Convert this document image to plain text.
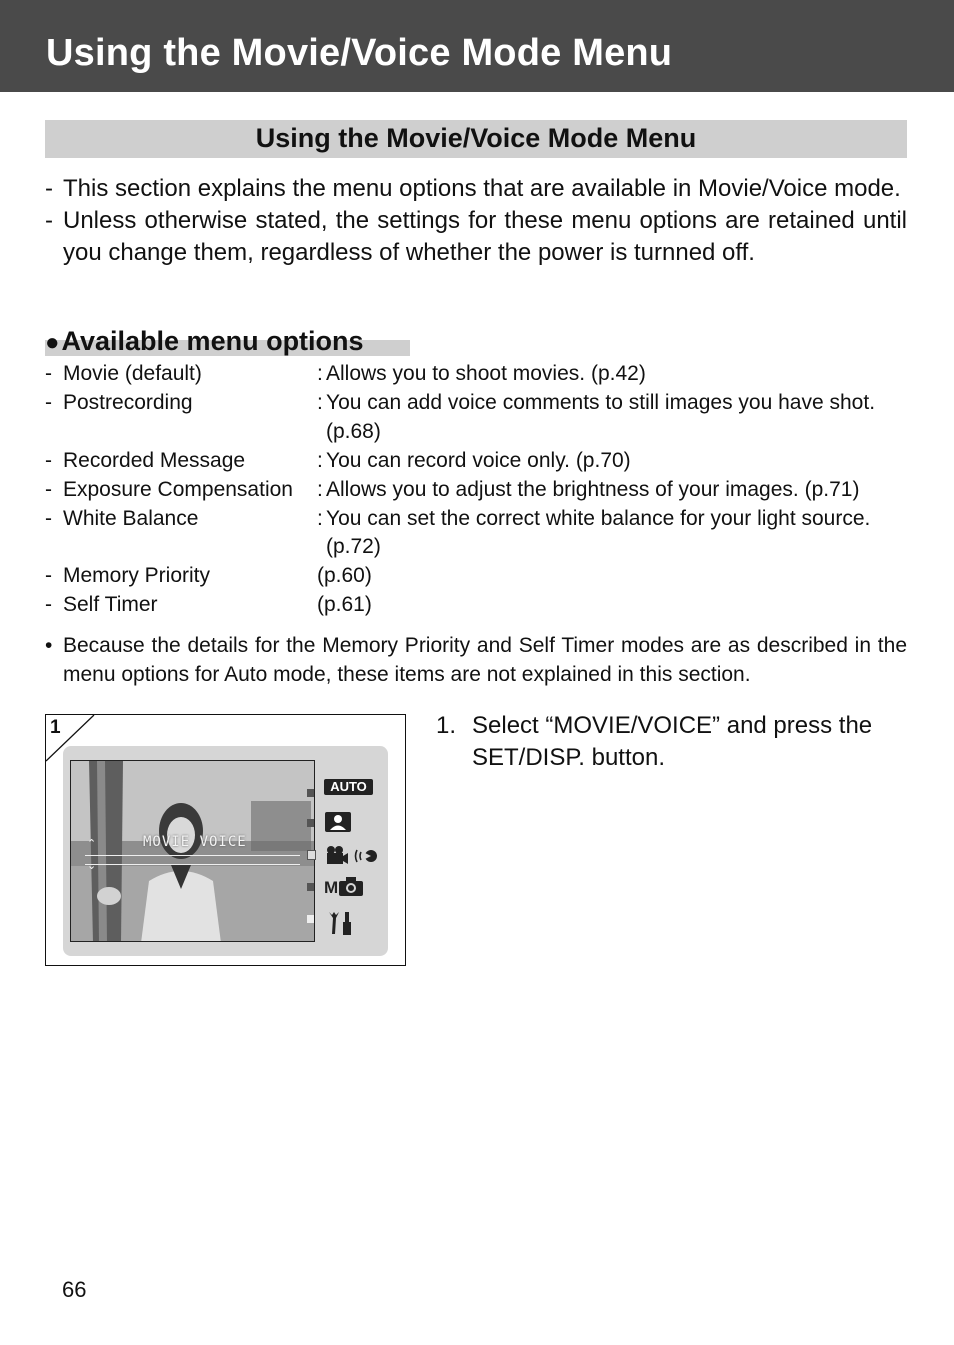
Using the Movie/Voice Mode Menu
Using the Movie/Voice Mode Menu
- This section explains the menu options that are available in Movie/Voice mode.
- Unless otherwise stated, the settings for these menu options are retained until you change them, regardless of whether the power is turnned off.
●Available menu options
- Movie (default)	: Allows you to shoot movies. (p.42)
- Postrecording	: You can add voice comments to still images you have shot.
(p.68)
- Recorded Message	: You can record voice only. (p.70)
- Exposure Compensation : Allows you to adjust the brightness of your images. (p.71)
- White Balance	: You can set the correct white balance for your light source.
(p.72)
- Memory Priority	(p.60)
- Self Timer	(p.61)
• Because the details for the Memory Priority and Self Timer modes are as described in the menu options for Auto mode, these items are not explained in this section.
1
⌃
⌄
MOVIE VOICE
AUTO
M
1. Select “MOVIE/VOICE” and press the SET/DISP. button.
66
